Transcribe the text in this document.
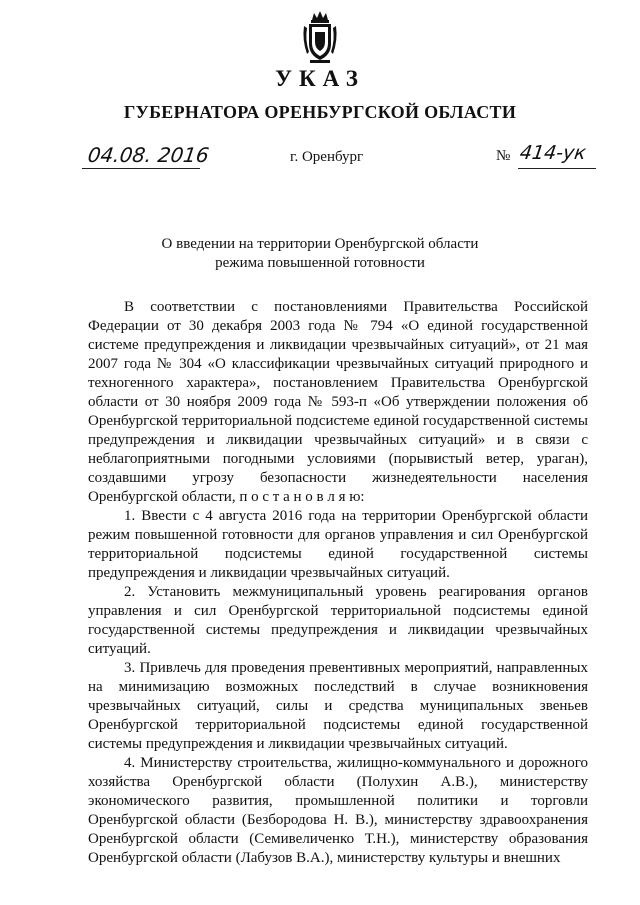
УКАЗ
ГУБЕРНАТОРА ОРЕНБУРГСКОЙ ОБЛАСТИ
04.08. 2016	г. Оренбург	№ 414-ук
О введении на территории Оренбургской области
режима повышенной готовности

В соответствии с постановлениями Правительства Российской Федерации от 30 декабря 2003 года № 794 «О единой государственной системе предупреждения и ликвидации чрезвычайных ситуаций», от 21 мая 2007 года № 304 «О классификации чрезвычайных ситуаций природного и техногенного характера», постановлением Правительства Оренбургской области от 30 ноября 2009 года № 593-п «Об утверждении положения об Оренбургской территориальной подсистеме единой государственной системы предупреждения и ликвидации чрезвычайных ситуаций» и в связи с неблагоприятными погодными условиями (порывистый ветер, ураган), создавшими угрозу безопасности жизнедеятельности населения Оренбургской области, п о с т а н о в л я ю:

1. Ввести с 4 августа 2016 года на территории Оренбургской области режим повышенной готовности для органов управления и сил Оренбургской территориальной подсистемы единой государственной системы предупреждения и ликвидации чрезвычайных ситуаций.

2. Установить межмуниципальный уровень реагирования органов управления и сил Оренбургской территориальной подсистемы единой государственной системы предупреждения и ликвидации чрезвычайных ситуаций.

3. Привлечь для проведения превентивных мероприятий, направленных на минимизацию возможных последствий в случае возникновения чрезвычайных ситуаций, силы и средства муниципальных звеньев Оренбургской территориальной подсистемы единой государственной системы предупреждения и ликвидации чрезвычайных ситуаций.

4. Министерству строительства, жилищно-коммунального и дорожного хозяйства Оренбургской области (Полухин А.В.), министерству экономического развития, промышленной политики и торговли Оренбургской области (Безбородова Н. В.), министерству здравоохранения Оренбургской области (Семивеличенко Т.Н.), министерству образования Оренбургской области (Лабузов В.А.), министерству культуры и внешних
